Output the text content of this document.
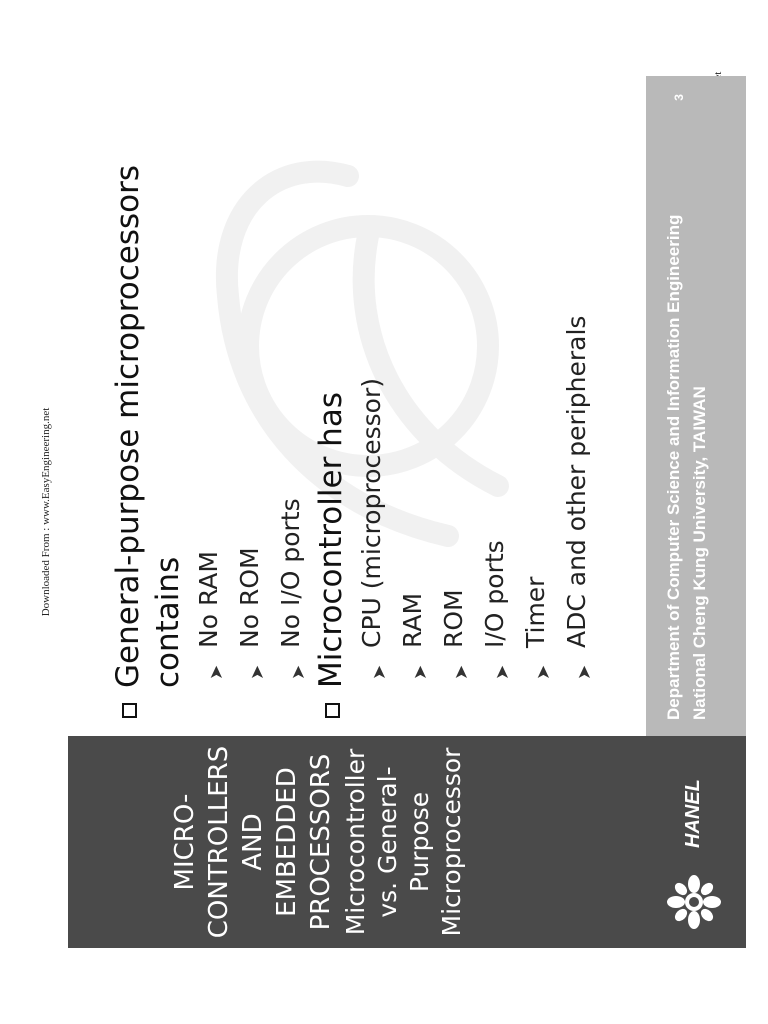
Downloaded From : www.EasyEngineering.net
MICRO-
CONTROLLERS
AND
EMBEDDED
PROCESSORS Microcontroller
vs. General-
Purpose
Microprocessor
General-purpose microprocessors contains	➤
No RAM
➤
No ROM
➤
No I/O ports Microcontroller has	➤
CPU (microprocessor)
➤
RAM
➤
ROM
➤
I/O ports
➤
Timer
➤
ADC and other peripherals
HANEL
Department of Computer Science and Information Engineering National Cheng Kung University, TAIWAN
3
